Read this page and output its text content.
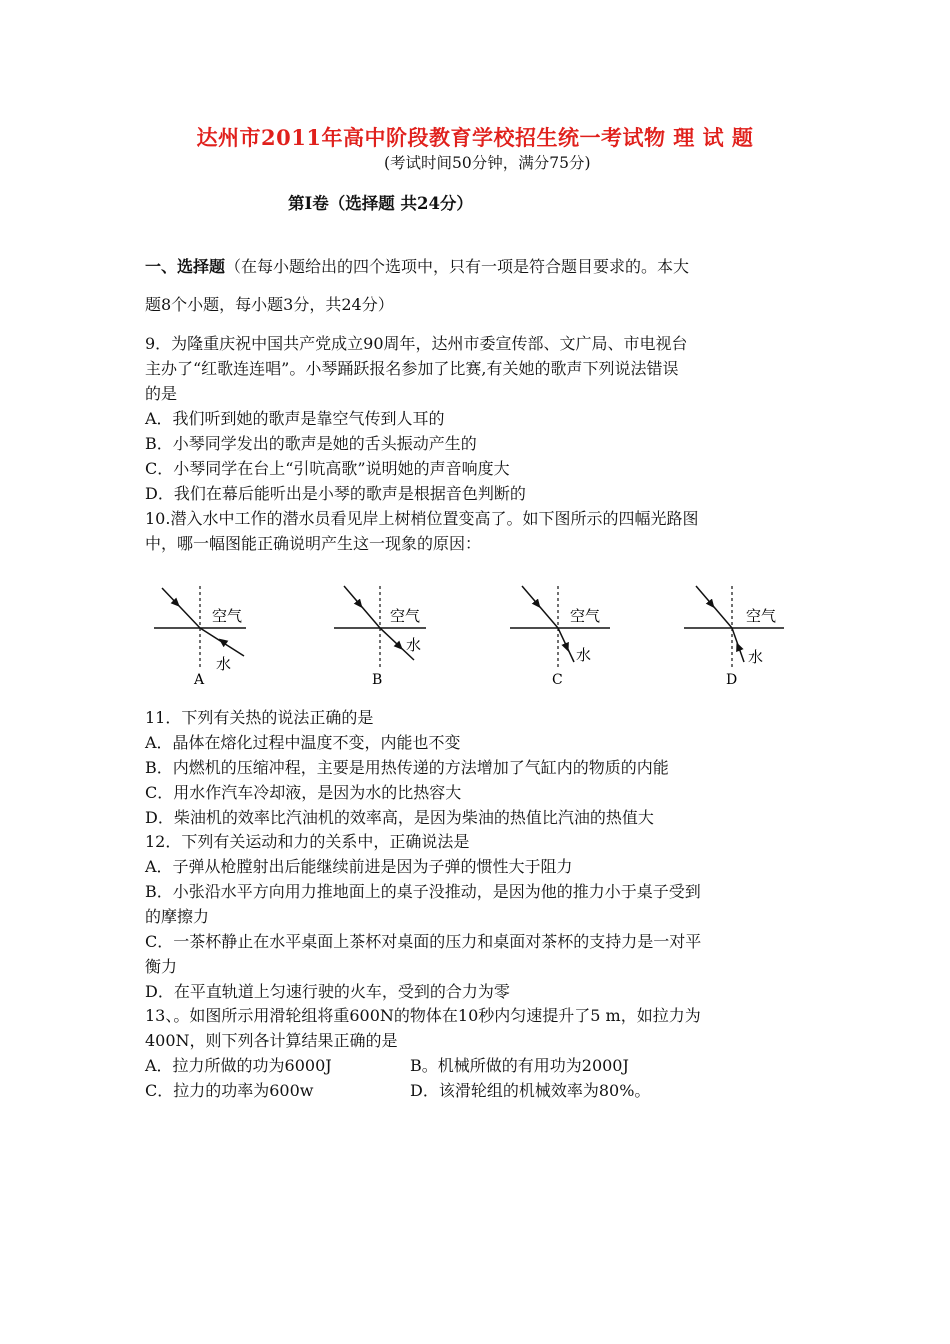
达州市2011年高中阶段教育学校招生统一考试物 理 试 题
(考试时间50分钟，满分75分)
第Ⅰ卷（选择题 共24分）
一、选择题（在每小题给出的四个选项中，只有一项是符合题目要求的。本大
题8个小题，每小题3分，共24分）
9．为隆重庆祝中国共产党成立90周年，达州市委宣传部、文广局、市电视台
主办了“红歌连连唱”。小琴踊跃报名参加了比赛,有关她的歌声下列说法错误
的是
A．我们听到她的歌声是靠空气传到人耳的
B．小琴同学发出的歌声是她的舌头振动产生的
C．小琴同学在台上“引吭高歌”说明她的声音响度大
D．我们在幕后能听出是小琴的歌声是根据音色判断的
10.潜入水中工作的潜水员看见岸上树梢位置变高了。如下图所示的四幅光路图
中，哪一幅图能正确说明产生这一现象的原因：
空气
水
A
空气
水
B
空气
水
C
空气
水
D
11．下列有关热的说法正确的是
A．晶体在熔化过程中温度不变，内能也不变
B．内燃机的压缩冲程，主要是用热传递的方法增加了气缸内的物质的内能
C．用水作汽车冷却液，是因为水的比热容大
D．柴油机的效率比汽油机的效率高，是因为柴油的热值比汽油的热值大
12．下列有关运动和力的关系中，正确说法是
A．子弹从枪膛射出后能继续前进是因为子弹的惯性大于阻力
B．小张沿水平方向用力推地面上的桌子没推动，是因为他的推力小于桌子受到
的摩擦力
C．一茶杯静止在水平桌面上茶杯对桌面的压力和桌面对茶杯的支持力是一对平
衡力
D．在平直轨道上匀速行驶的火车，受到的合力为零
13、。如图所示用滑轮组将重600N的物体在10秒内匀速提升了5 m，如拉力为
400N，则下列各计算结果正确的是
A．拉力所做的功为6000J	B。机械所做的有用功为2000J
C．拉力的功率为600w	D．该滑轮组的机械效率为80%。
